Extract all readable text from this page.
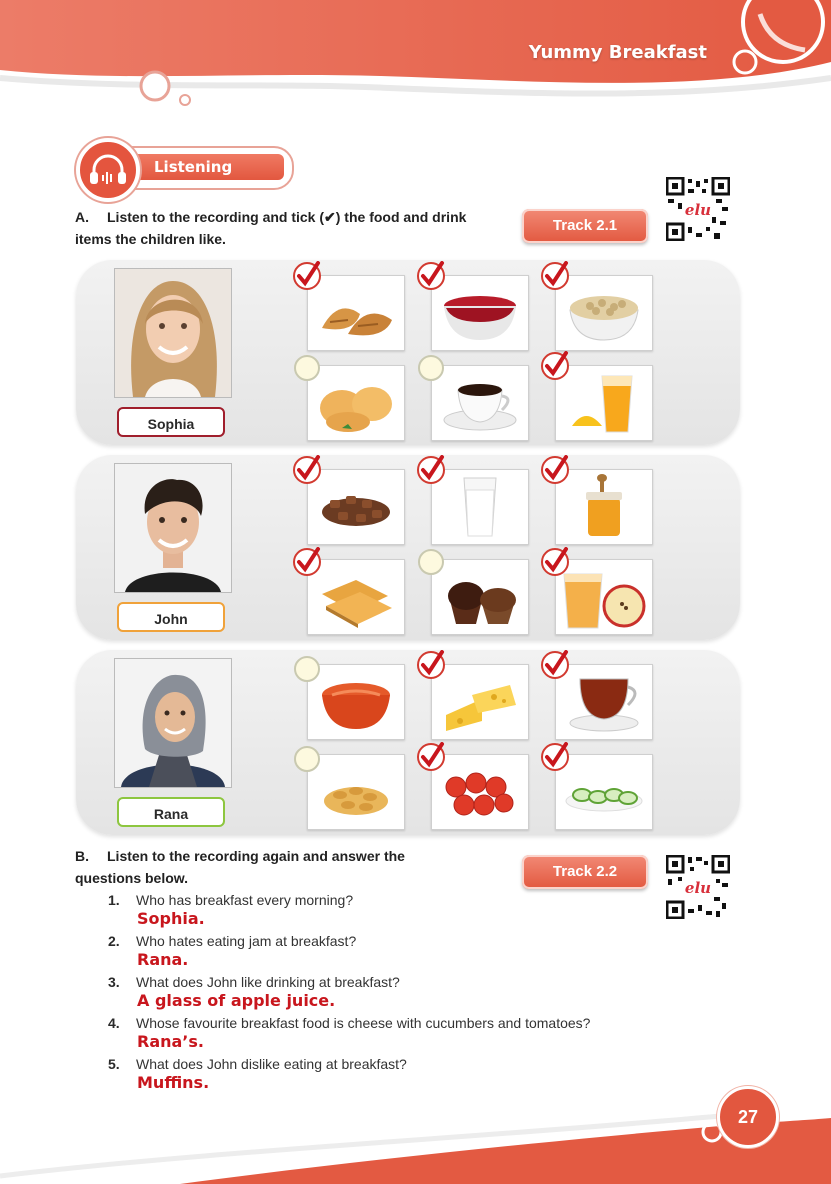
Yummy Breakfast
Listening
A. Listen to the recording and tick (✔) the food and drink
items the children like.
Track 2.1
elu
Sophia
John
Rana
B. Listen to the recording again and answer the
questions below.	Track 2.2
elu
1. Who has breakfast every morning?
Sophia.
2. Who hates eating jam at breakfast?
Rana.
3. What does John like drinking at breakfast?
A glass of apple juice.
4. Whose favourite breakfast food is cheese with cucumbers and tomatoes?
Rana’s.
5. What does John dislike eating at breakfast?
Muffins.
27
